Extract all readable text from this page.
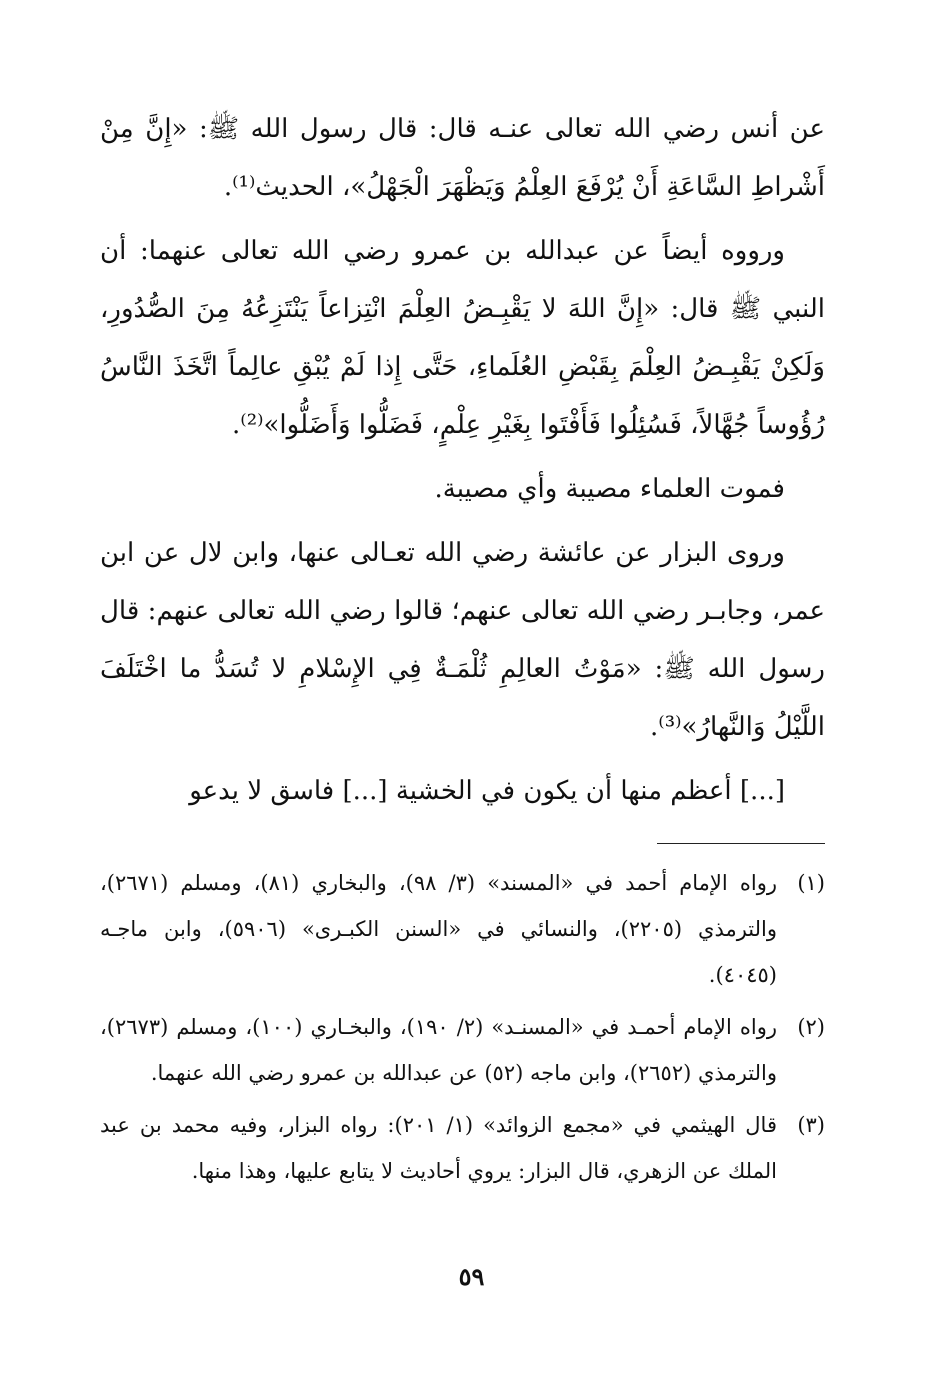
عن أنس رضي الله تعالى عنـه قال: قال رسول الله ﷺ: «إِنَّ مِنْ أَشْراطِ السَّاعَةِ أَنْ يُرْفَعَ العِلْمُ وَيَظْهَرَ الْجَهْلُ»، الحديث⁽¹⁾.

ورووه أيضاً عن عبدالله بن عمرو رضي الله تعالى عنهما: أن النبي ﷺ قال: «إِنَّ اللهَ لا يَقْبِـضُ العِلْمَ انْتِزاعاً يَنْتَزِعُهُ مِنَ الصُّدُورِ، وَلَكِنْ يَقْبِـضُ العِلْمَ بِقَبْضِ العُلَماءِ، حَتَّى إِذا لَمْ يُبْقِ عالِماً اتَّخَذَ النَّاسُ رُؤُوساً جُهَّالاً، فَسُئِلُوا فَأَفْتَوا بِغَيْرِ عِلْمٍ، فَضَلُّوا وَأَضَلُّوا»⁽²⁾.

فموت العلماء مصيبة وأي مصيبة.

وروى البزار عن عائشة رضي الله تعـالى عنها، وابن لال عن ابن عمر، وجابـر رضي الله تعالى عنهم؛ قالوا رضي الله تعالى عنهم: قال رسول الله ﷺ: «مَوْتُ العالِمِ ثُلْمَـةٌ فِي الإِسْلامِ لا تُسَدُّ ما اخْتَلَفَ اللَّيْلُ وَالنَّهارُ»⁽³⁾.

[...] أعظم منها أن يكون في الخشية [...] فاسق لا يدعو

(١)
رواه الإمام أحمد في «المسند» (٣/ ٩٨)، والبخاري (٨١)، ومسلم (٢٦٧١)، والترمذي (٢٢٠٥)، والنسائي في «السنن الكبـرى» (٥٩٠٦)، وابن ماجـه (٤٠٤٥).
(٢)
رواه الإمام أحمـد في «المسنـد» (٢/ ١٩٠)، والبخـاري (١٠٠)، ومسلم (٢٦٧٣)، والترمذي (٢٦٥٢)، وابن ماجه (٥٢) عن عبدالله بن عمرو رضي الله عنهما.
(٣)
قال الهيثمي في «مجمع الزوائد» (١/ ٢٠١): رواه البزار، وفيه محمد بن عبد الملك عن الزهري، قال البزار: يروي أحاديث لا يتابع عليها، وهذا منها.
٥٩
